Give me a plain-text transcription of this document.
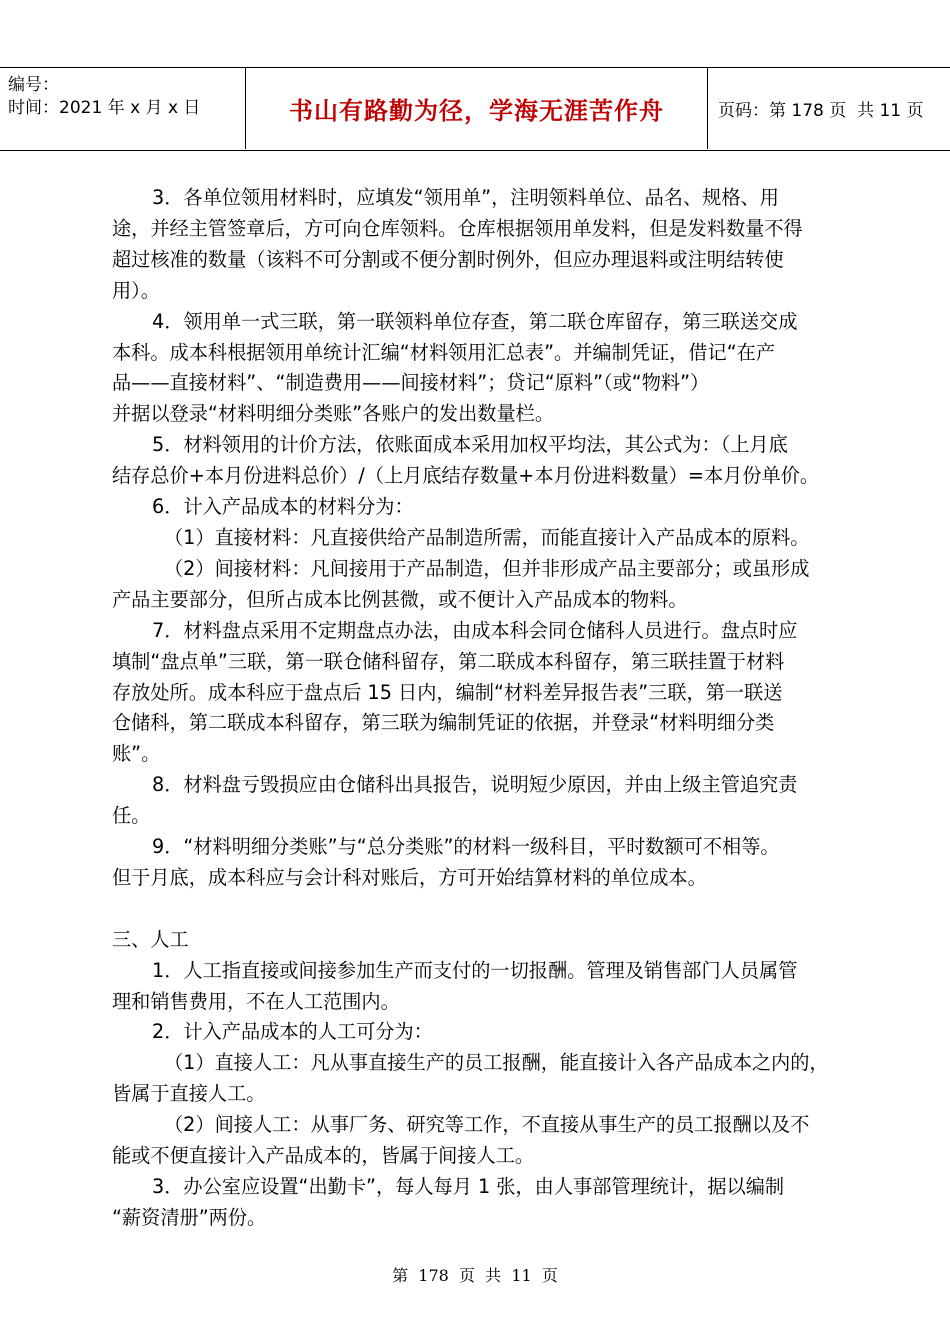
编号：
时间：2021 年 x 月 x 日	书山有路勤为径，学海无涯苦作舟	页码：第 178 页  共 11 页

3．各单位领用材料时，应填发“领用单”，注明领料单位、品名、规格、用

途，并经主管签章后，方可向仓库领料。仓库根据领用单发料，但是发料数量不得

超过核准的数量（该料不可分割或不便分割时例外，但应办理退料或注明结转使

用）。

4．领用单一式三联，第一联领料单位存查，第二联仓库留存，第三联送交成

本科。成本科根据领用单统计汇编“材料领用汇总表”。并编制凭证，借记“在产

品——直接材料”、“制造费用——间接材料”；贷记“原料”（或“物料”）

并据以登录“材料明细分类账”各账户的发出数量栏。

5．材料领用的计价方法，依账面成本采用加权平均法，其公式为：（上月底

结存总价+本月份进料总价）/（上月底结存数量+本月份进料数量）=本月份单价。

6．计入产品成本的材料分为：

（1）直接材料：凡直接供给产品制造所需，而能直接计入产品成本的原料。

（2）间接材料：凡间接用于产品制造，但并非形成产品主要部分；或虽形成

产品主要部分，但所占成本比例甚微，或不便计入产品成本的物料。

7．材料盘点采用不定期盘点办法，由成本科会同仓储科人员进行。盘点时应

填制“盘点单”三联，第一联仓储科留存，第二联成本科留存，第三联挂置于材料

存放处所。成本科应于盘点后 15 日内，编制“材料差异报告表”三联，第一联送

仓储科，第二联成本科留存，第三联为编制凭证的依据，并登录“材料明细分类

账”。

8．材料盘亏毁损应由仓储科出具报告，说明短少原因，并由上级主管追究责

任。

9．“材料明细分类账”与“总分类账”的材料一级科目，平时数额可不相等。

但于月底，成本科应与会计科对账后，方可开始结算材料的单位成本。

三、人工

1．人工指直接或间接参加生产而支付的一切报酬。管理及销售部门人员属管

理和销售费用，不在人工范围内。

2．计入产品成本的人工可分为：

（1）直接人工：凡从事直接生产的员工报酬，能直接计入各产品成本之内的，

皆属于直接人工。

（2）间接人工：从事厂务、研究等工作，不直接从事生产的员工报酬以及不

能或不便直接计入产品成本的，皆属于间接人工。

3．办公室应设置“出勤卡”，每人每月 1 张，由人事部管理统计，据以编制

“薪资清册”两份。

第  178  页  共  11  页
